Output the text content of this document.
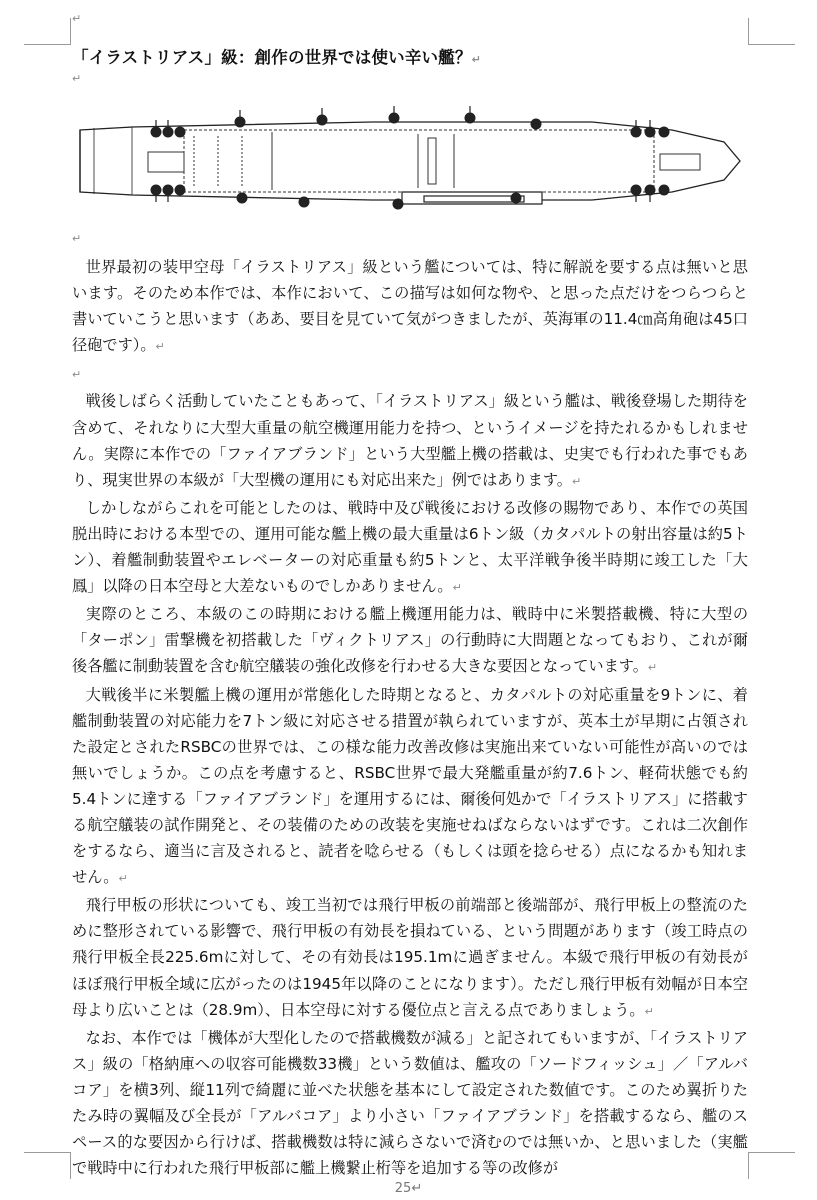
↵
「イラストリアス」級：創作の世界では使い辛い艦？↵
↵
↵

世界最初の装甲空母「イラストリアス」級という艦については、特に解説を要する点は無いと思います。そのため本作では、本作において、この描写は如何な物や、と思った点だけをつらつらと書いていこうと思います（ああ、要目を見ていて気がつきましたが、英海軍の11.4㎝高角砲は45口径砲です）。↵

↵

戦後しばらく活動していたこともあって、「イラストリアス」級という艦は、戦後登場した期待を含めて、それなりに大型大重量の航空機運用能力を持つ、というイメージを持たれるかもしれません。実際に本作での「ファイアブランド」という大型艦上機の搭載は、史実でも行われた事でもあり、現実世界の本級が「大型機の運用にも対応出来た」例ではあります。↵

しかしながらこれを可能としたのは、戦時中及び戦後における改修の賜物であり、本作での英国脱出時における本型での、運用可能な艦上機の最大重量は6トン級（カタパルトの射出容量は約5トン）、着艦制動装置やエレベーターの対応重量も約5トンと、太平洋戦争後半時期に竣工した「大鳳」以降の日本空母と大差ないものでしかありません。↵

実際のところ、本級のこの時期における艦上機運用能力は、戦時中に米製搭載機、特に大型の「ターポン」雷撃機を初搭載した「ヴィクトリアス」の行動時に大問題となってもおり、これが爾後各艦に制動装置を含む航空艤装の強化改修を行わせる大きな要因となっています。↵

大戦後半に米製艦上機の運用が常態化した時期となると、カタパルトの対応重量を9トンに、着艦制動装置の対応能力を7トン級に対応させる措置が執られていますが、英本土が早期に占領された設定とされたRSBCの世界では、この様な能力改善改修は実施出来ていない可能性が高いのでは無いでしょうか。この点を考慮すると、RSBC世界で最大発艦重量が約7.6トン、軽荷状態でも約5.4トンに達する「ファイアブランド」を運用するには、爾後何処かで「イラストリアス」に搭載する航空艤装の試作開発と、その装備のための改装を実施せねばならないはずです。これは二次創作をするなら、適当に言及されると、読者を唸らせる（もしくは頭を捻らせる）点になるかも知れません。↵

飛行甲板の形状についても、竣工当初では飛行甲板の前端部と後端部が、飛行甲板上の整流のために整形されている影響で、飛行甲板の有効長を損ねている、という問題があります（竣工時点の飛行甲板全長225.6mに対して、その有効長は195.1mに過ぎません。本級で飛行甲板の有効長がほぼ飛行甲板全域に広がったのは1945年以降のことになります）。ただし飛行甲板有効幅が日本空母より広いことは（28.9m）、日本空母に対する優位点と言える点でありましょう。↵

なお、本作では「機体が大型化したので搭載機数が減る」と記されてもいますが、「イラストリアス」級の「格納庫への収容可能機数33機」という数値は、艦攻の「ソードフィッシュ」／「アルバコア」を横3列、縦11列で綺麗に並べた状態を基本にして設定された数値です。このため翼折りたたみ時の翼幅及び全長が「アルバコア」より小さい「ファイアブランド」を搭載するなら、艦のスペース的な要因から行けば、搭載機数は特に減らさないで済むのでは無いか、と思いました（実艦で戦時中に行われた飛行甲板部に艦上機繋止桁等を追加する等の改修が

25↵
